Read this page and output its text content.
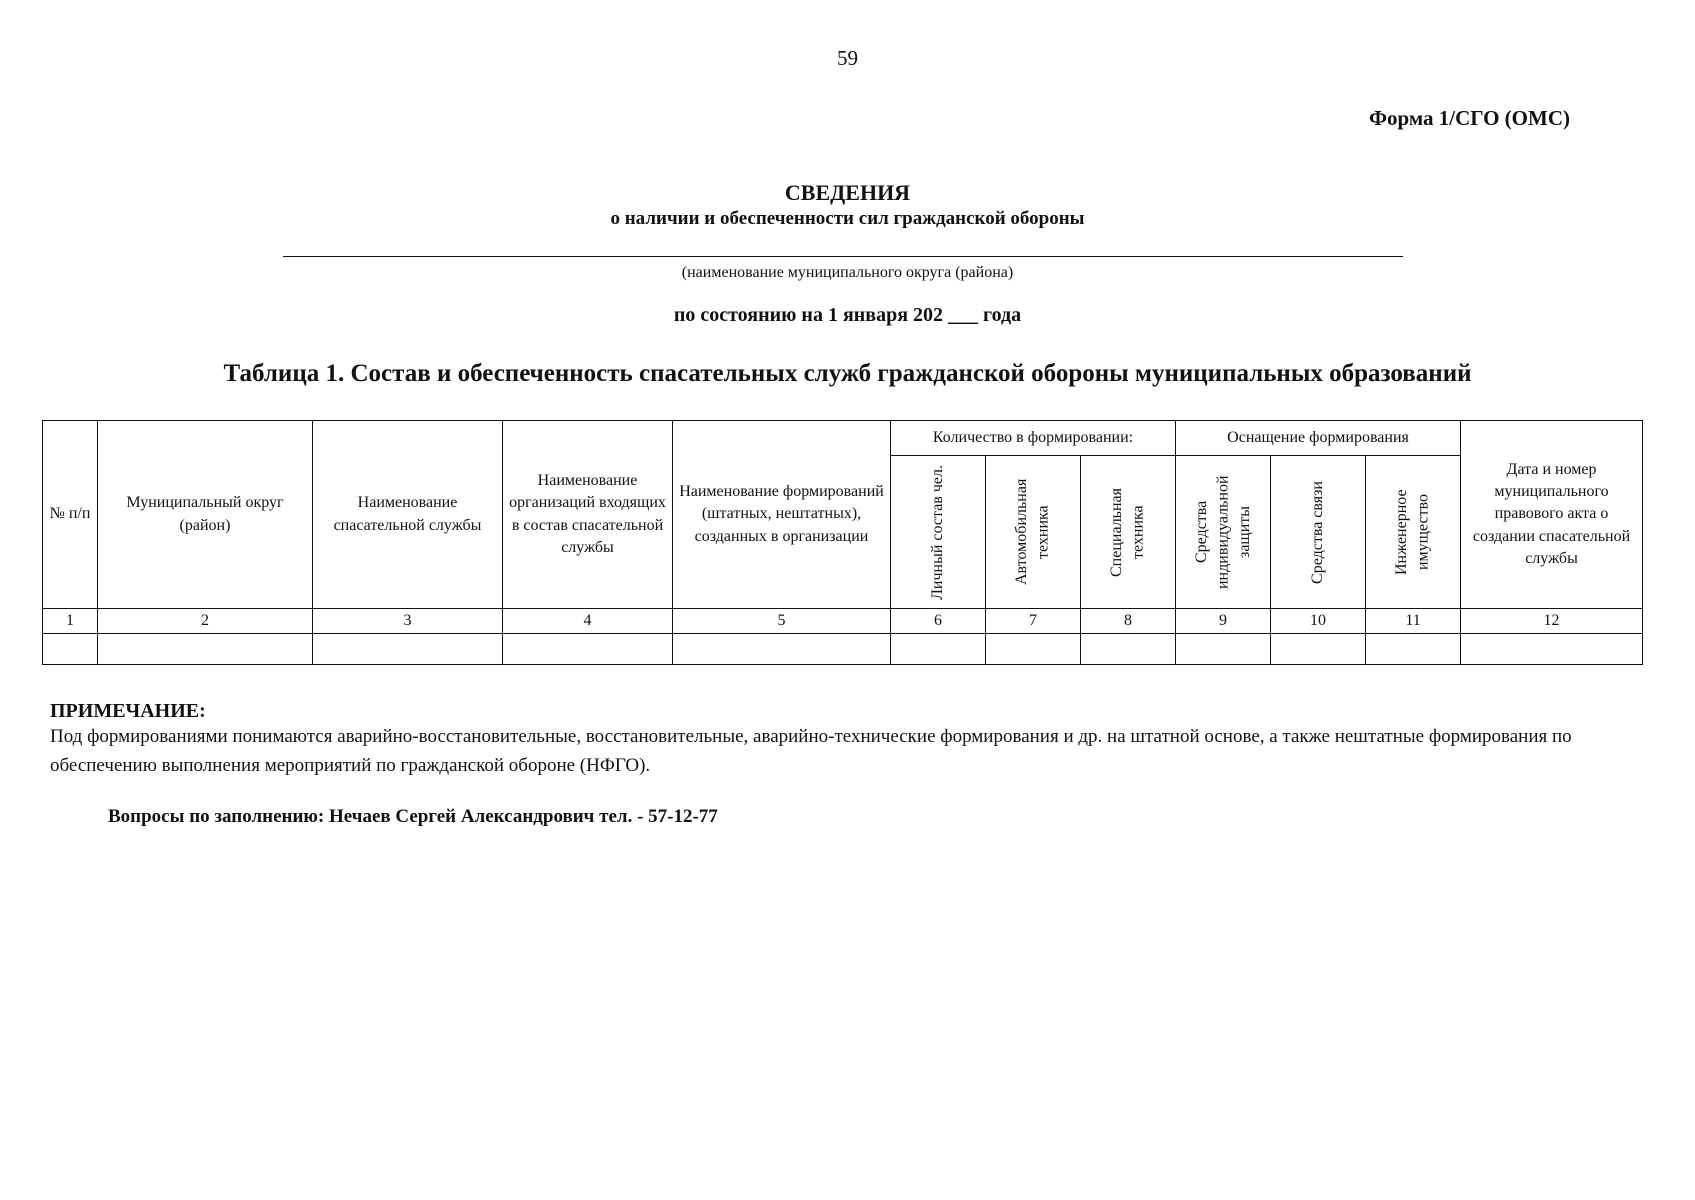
59
Форма 1/СГО (ОМС)
СВЕДЕНИЯ
о наличии и обеспеченности сил гражданской обороны
(наименование муниципального округа (района)
по состоянию на 1 января 202 ___ года
Таблица 1. Состав и обеспеченность спасательных служб гражданской обороны муниципальных образований
№ п/п	Муниципальный округ (район)	Наименование спасательной службы	Наименование организаций входящих в состав спасательной службы	Наименование формирований (штатных, нештатных), созданных в организации	Количество в формировании:			Оснащение формирования			Дата и номер муниципального правового акта о создании спасательной службы

					Личный состав чел.	Автомобильная техника	Специальная техника	Средства индивидуальной защиты	Средства связи	Инженерное имущество	

1	2	3	4	5	6	7	8	9	10	11	12

ПРИМЕЧАНИЕ:
Под формированиями понимаются аварийно-восстановительные, восстановительные, аварийно-технические формирования и др. на штатной основе, а также нештатные формирования по обеспечению выполнения мероприятий по гражданской обороне (НФГО).
Вопросы по заполнению: Нечаев Сергей Александрович тел. - 57-12-77
